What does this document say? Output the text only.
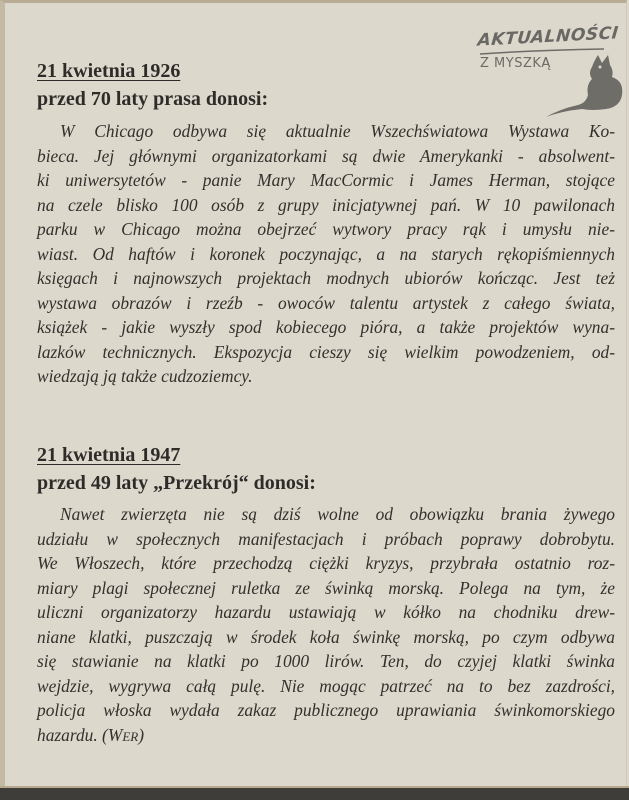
AKTUALNOŚCI
Z MYSZKĄ
21 kwietnia 1926
przed 70 laty prasa donosi:
W Chicago odbywa się aktualnie Wszechświatowa Wystawa Ko-
bieca. Jej głównymi organizatorkami są dwie Amerykanki - absolwent-
ki uniwersytetów - panie Mary MacCormic i James Herman, stojące
na czele blisko 100 osób z grupy inicjatywnej pań. W 10 pawilonach
parku w Chicago można obejrzeć wytwory pracy rąk i umysłu nie-
wiast. Od haftów i koronek poczynając, a na starych rękopiśmiennych
księgach i najnowszych projektach modnych ubiorów kończąc. Jest też
wystawa obrazów i rzeźb - owoców talentu artystek z całego świata,
książek - jakie wyszły spod kobiecego pióra, a także projektów wyna-
lazków technicznych. Ekspozycja cieszy się wielkim powodzeniem, od-
wiedzają ją także cudzoziemcy.
21 kwietnia 1947
przed 49 laty „Przekrój“ donosi:
Nawet zwierzęta nie są dziś wolne od obowiązku brania żywego
udziału w społecznych manifestacjach i próbach poprawy dobrobytu.
We Włoszech, które przechodzą ciężki kryzys, przybrała ostatnio roz-
miary plagi społecznej ruletka ze świnką morską. Polega na tym, że
uliczni organizatorzy hazardu ustawiają w kółko na chodniku drew-
niane klatki, puszczają w środek koła świnkę morską, po czym odbywa
się stawianie na klatki po 1000 lirów. Ten, do czyjej klatki świnka
wejdzie, wygrywa całą pulę. Nie mogąc patrzeć na to bez zazdrości,
policja włoska wydała zakaz publicznego uprawiania świnkomorskiego
hazardu. (WER)
